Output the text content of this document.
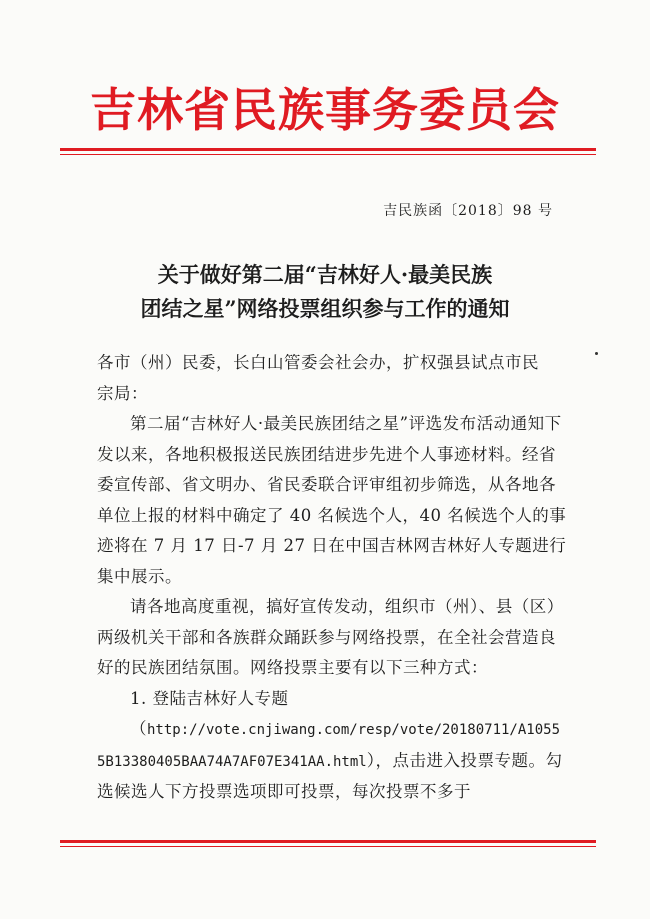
吉林省民族事务委员会
吉民族函〔2018〕98 号
关于做好第二届“吉林好人·最美民族
团结之星”网络投票组织参与工作的通知

各市（州）民委，长白山管委会社会办，扩权强县试点市民
宗局：

第二届“吉林好人·最美民族团结之星”评选发布活动通知下发以来，各地积极报送民族团结进步先进个人事迹材料。经省委宣传部、省文明办、省民委联合评审组初步筛选，从各地各单位上报的材料中确定了 40 名候选个人，40 名候选个人的事迹将在 7 月 17 日-7 月 27 日在中国吉林网吉林好人专题进行集中展示。

请各地高度重视，搞好宣传发动，组织市（州）、县（区）两级机关干部和各族群众踊跃参与网络投票，在全社会营造良好的民族团结氛围。网络投票主要有以下三种方式：

1. 登陆吉林好人专题

（http://vote.cnjiwang.com/resp/vote/20180711/A10555B13380405BAA74A7AF07E341AA.html），点击进入投票专题。勾选候选人下方投票选项即可投票，每次投票不多于
